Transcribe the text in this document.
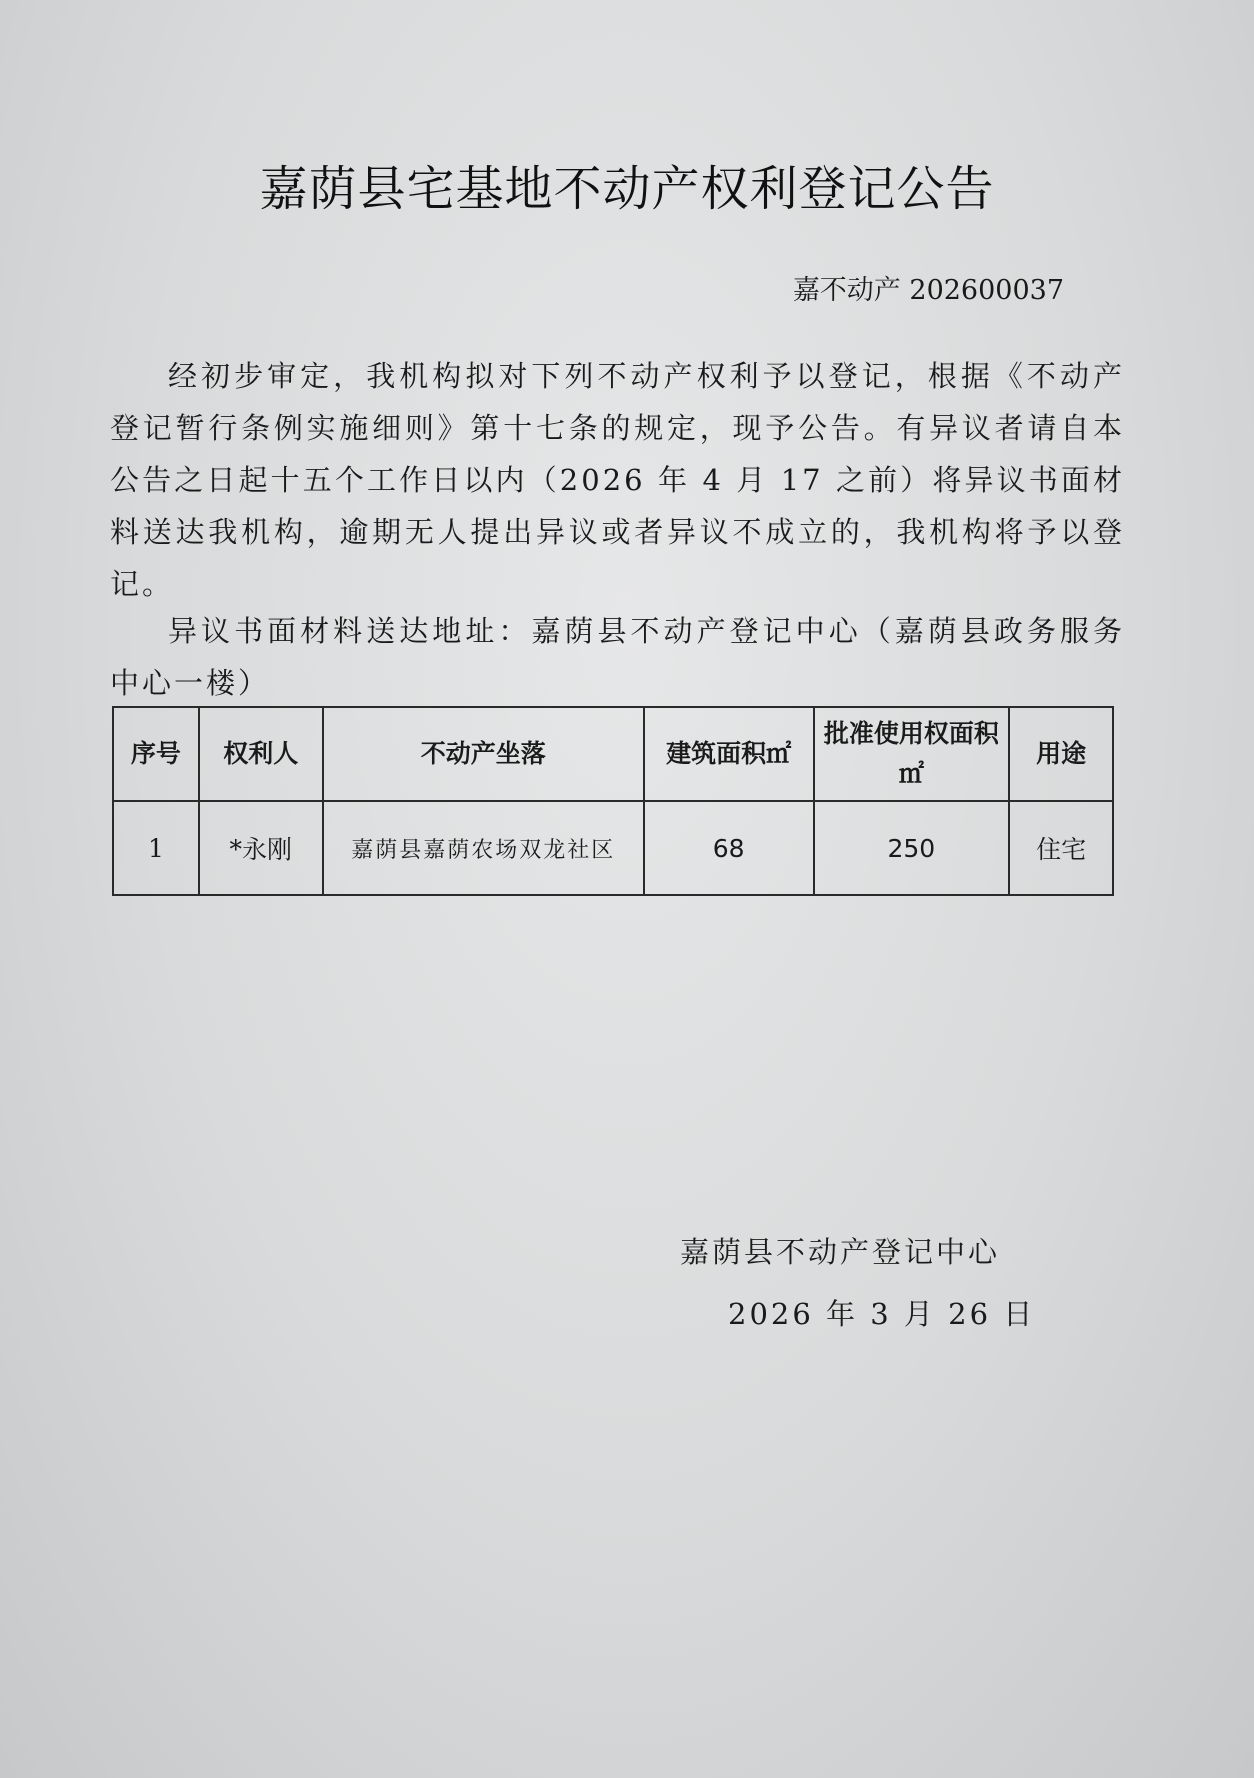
嘉荫县宅基地不动产权利登记公告

嘉不动产 202600037

经初步审定，我机构拟对下列不动产权利予以登记，根据《不动产登记暂行条例实施细则》第十七条的规定，现予公告。有异议者请自本公告之日起十五个工作日以内（2026 年 4 月 17 之前）将异议书面材料送达我机构，逾期无人提出异议或者异议不成立的，我机构将予以登记。

异议书面材料送达地址：嘉荫县不动产登记中心（嘉荫县政务服务中心一楼）

序号	权利人	不动产坐落	建筑面积㎡	批准使用权面积㎡	用途
1	*永刚	嘉荫县嘉荫农场双龙社区	68	250	住宅

嘉荫县不动产登记中心

2026 年 3 月 26 日
